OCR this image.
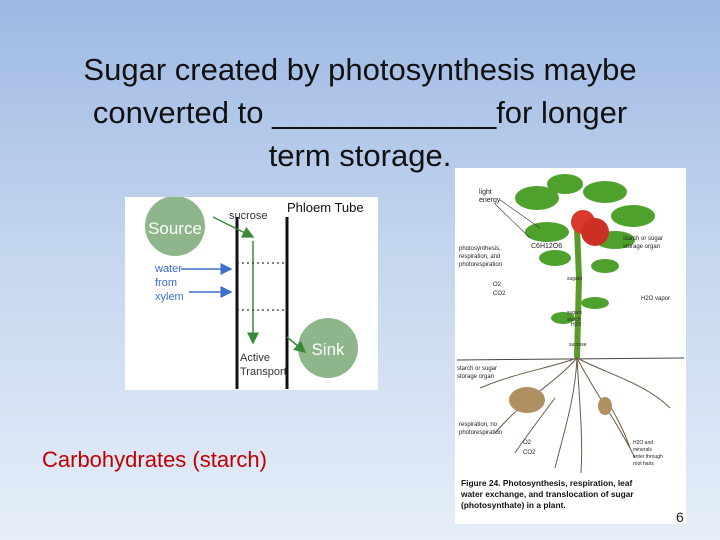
Sugar created by photosynthesis maybe
converted to _____________for longer
term storage.
Source
Sink
Phloem Tube
sucrose
water
from
xylem
Active
Transport
light
energy
photosynthesis,
respiration, and
photorespiration
C6H12O6
O2
CO2
sugars
sugars
starch
H2O
sucrose
starch or sugar
storage organ
H2O vapor
starch or sugar
storage organ
respiration, no
photorespiration
O2
CO2
H2O and
minerals
enter through
root hairs
Figure 24. Photosynthesis, respiration, leaf
water exchange, and translocation of sugar
(photosynthate) in a plant.
Carbohydrates (starch)
6
